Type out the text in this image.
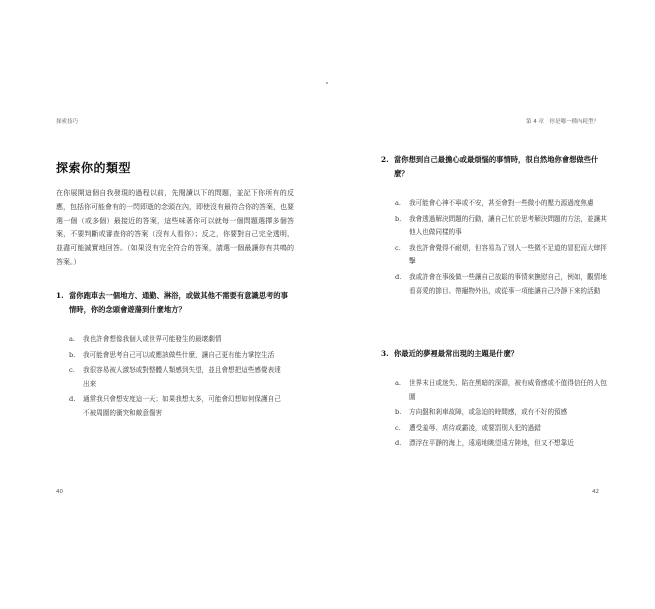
探索技巧
探索你的類型
在你展開這個自我發現的過程以前，先閱讀以下的問題，並記下你所有的反應，包括你可能會有的一閃即逝的念頭在內，即使沒有最符合你的答案，也要選一個（或多個）最接近的答案，這些味著你可以就每一個問題選擇多個答案，不要判斷或審查你的答案（沒有人看你）；反之，你要對自己完全透明，並盡可能誠實地回答。（如果沒有完全符合的答案，請選一個最讓你有共鳴的答案。）
1. 當你跑車去一個地方、通勤、淋浴，或做其他不需要有意識思考的事情時，你的念頭會遊蕩到什麼地方？
a. 我也許會想像我個人或世界可能發生的最壞劇情
b. 我可能會思考自己可以或應該做些什麼，讓自己更有能力掌控生活
c. 我很容易被人激怒或對整體人類感到失望，並且會想把這些感覺表達出來
d. 通常我只會想安度這一天；如果我想太多，可能會幻想如何保護自己不被周圍的衝突和敵意傷害
40
第 4 章　你是哪一種內耗型？
2. 當你想到自己最擔心或最煩惱的事情時，很自然地你會想做些什麼？
a. 我可能會心神不寧或不安，甚至會對一些微小的壓力源過度焦慮
b. 我會透過解決問題的行動，讓自己忙於思考解決問題的方法，並讓其他人也做同樣的事
c. 我也許會覺得不耐煩，但容易為了別人一些微不足道的冒犯而大肆抨擊
d. 我或許會在事後做一些讓自己放鬆的事情來撫慰自己，例如，觀情地看喜愛的節目、帶寵物外出，或從事一項能讓自己冷靜下來的活動
3. 你最近的夢裡最常出現的主題是什麼？
a. 世界末日或迷失、陷在黑暗的深淵，被有威脅感或不值得信任的人包圍
b. 方向盤和剎車故障，或急迫的時間感，或有不好的預感
c. 遭受羞辱、虐待或霸凌，或要罰別人犯的過錯
d. 漂浮在平靜的海上，遠遠地眺望遠方陸地，但又不想靠近
42
